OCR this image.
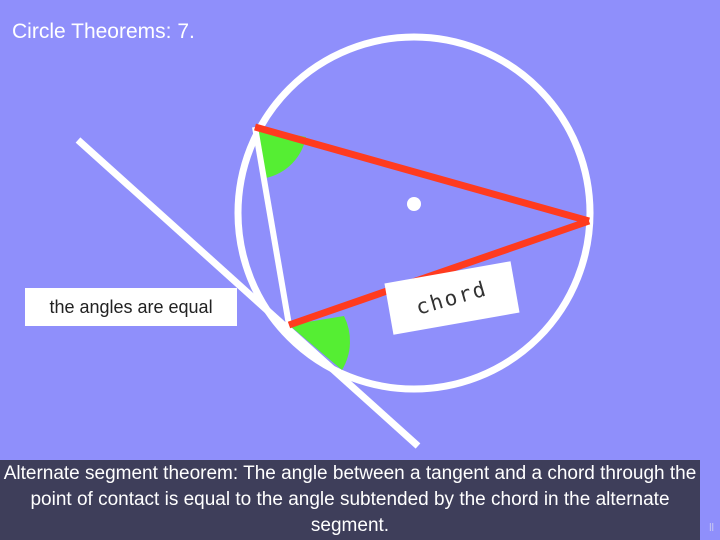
Circle Theorems: 7.
the angles are equal	chord
Alternate segment theorem: The angle between a tangent and a chord through the point of contact is equal to the angle subtended by the chord in the alternate segment.	ll
